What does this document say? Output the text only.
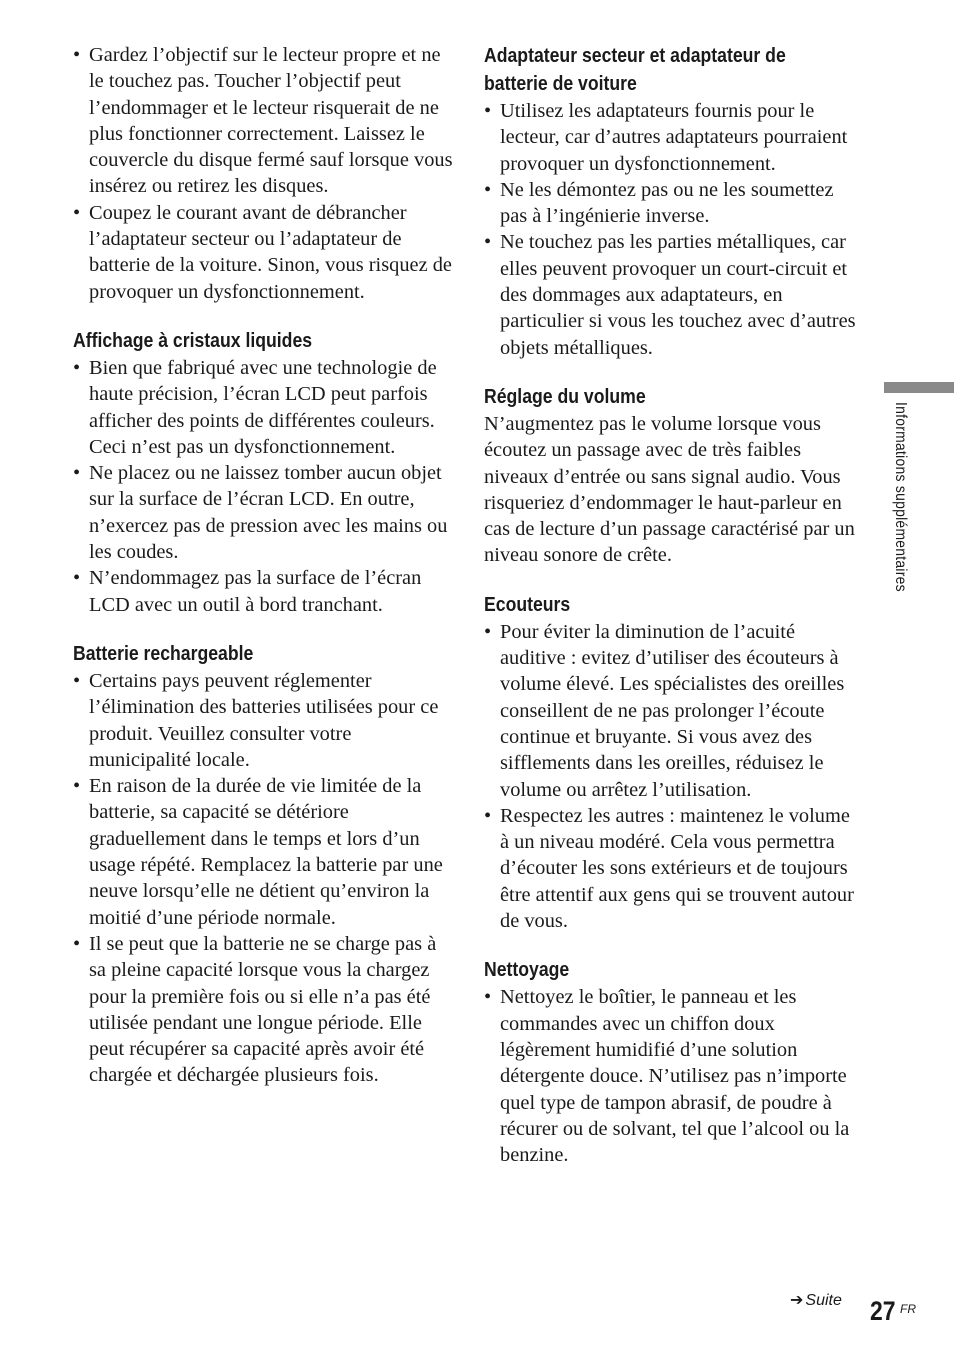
• Gardez l’objectif sur le lecteur propre et ne le touchez pas. Toucher l’objectif peut l’endommager et le lecteur risquerait de ne plus fonctionner correctement. Laissez le couvercle du disque fermé sauf lorsque vous insérez ou retirez les disques.
• Coupez le courant avant de débrancher l’adaptateur secteur ou l’adaptateur de batterie de la voiture. Sinon, vous risquez de provoquer un dysfonctionnement.
Affichage à cristaux liquides
• Bien que fabriqué avec une technologie de haute précision, l’écran LCD peut parfois afficher des points de différentes couleurs. Ceci n’est pas un dysfonctionnement.
• Ne placez ou ne laissez tomber aucun objet sur la surface de l’écran LCD. En outre, n’exercez pas de pression avec les mains ou les coudes.
• N’endommagez pas la surface de l’écran LCD avec un outil à bord tranchant.
Batterie rechargeable
• Certains pays peuvent réglementer l’élimination des batteries utilisées pour ce produit. Veuillez consulter votre municipalité locale.
• En raison de la durée de vie limitée de la batterie, sa capacité se détériore graduellement dans le temps et lors d’un usage répété. Remplacez la batterie par une neuve lorsqu’elle ne détient qu’environ la moitié d’une période normale.
• Il se peut que la batterie ne se charge pas à sa pleine capacité lorsque vous la chargez pour la première fois ou si elle n’a pas été utilisée pendant une longue période. Elle peut récupérer sa capacité après avoir été chargée et déchargée plusieurs fois.
Adaptateur secteur et adaptateur de
batterie de voiture
• Utilisez les adaptateurs fournis pour le lecteur, car d’autres adaptateurs pourraient provoquer un dysfonctionnement.
• Ne les démontez pas ou ne les soumettez pas à l’ingénierie inverse.
• Ne touchez pas les parties métalliques, car elles peuvent provoquer un court-circuit et des dommages aux adaptateurs, en particulier si vous les touchez avec d’autres objets métalliques.
Réglage du volume

N’augmentez pas le volume lorsque vous écoutez un passage avec de très faibles niveaux d’entrée ou sans signal audio. Vous risqueriez d’endommager le haut-parleur en cas de lecture d’un passage caractérisé par un niveau sonore de crête.

Ecouteurs
• Pour éviter la diminution de l’acuité auditive : evitez d’utiliser des écouteurs à volume élevé. Les spécialistes des oreilles conseillent de ne pas prolonger l’écoute continue et bruyante. Si vous avez des sifflements dans les oreilles, réduisez le volume ou arrêtez l’utilisation.
• Respectez les autres : maintenez le volume à un niveau modéré. Cela vous permettra d’écouter les sons extérieurs et de toujours être attentif aux gens qui se trouvent autour de vous.
Nettoyage
• Nettoyez le boîtier, le panneau et les commandes avec un chiffon doux légèrement humidifié d’une solution détergente douce. N’utilisez pas n’importe quel type de tampon abrasif, de poudre à récurer ou de solvant, tel que l’alcool ou la benzine.
Informations supplémentaires
➔ Suite 27 FR
